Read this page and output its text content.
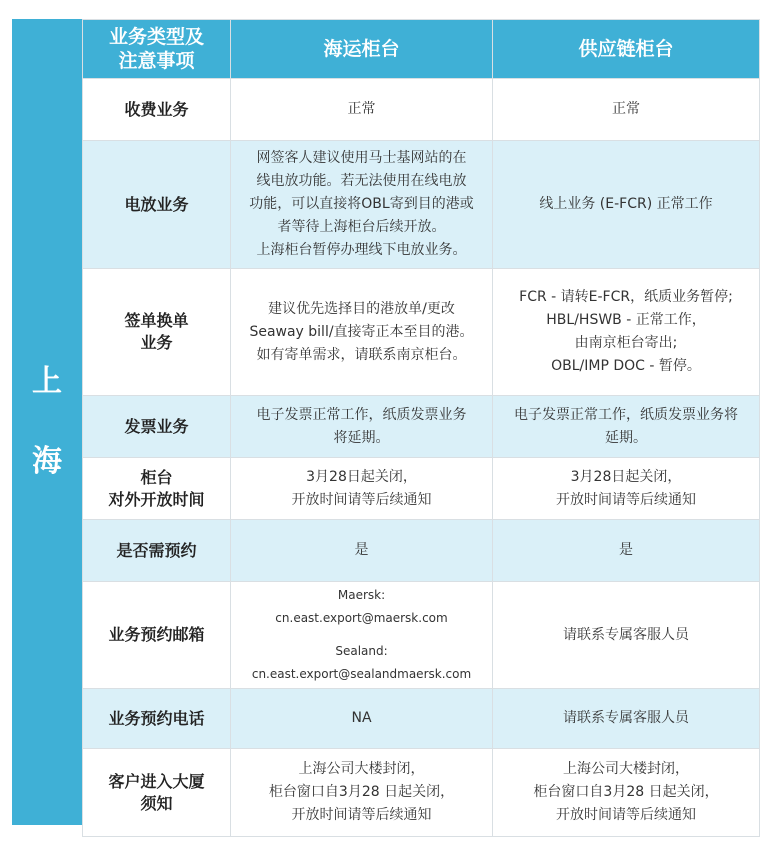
上
海
业务类型及
注意事项	海运柜台	供应链柜台
收费业务	正常	正常
电放业务	网签客人建议使用马士基网站的在
线电放功能。若无法使用在线电放
功能，可以直接将OBL寄到目的港或
者等待上海柜台后续开放。
上海柜台暂停办理线下电放业务。	线上业务 (E-FCR) 正常工作

签单换单
业务	建议优先选择目的港放单/更改
Seaway bill/直接寄正本至目的港。
如有寄单需求，请联系南京柜台。	FCR - 请转E-FCR，纸质业务暂停;
HBL/HSWB - 正常工作，
由南京柜台寄出;
OBL/IMP DOC - 暂停。

发票业务	电子发票正常工作，纸质发票业务
将延期。	电子发票正常工作，纸质发票业务将
延期。

柜台
对外开放时间	3月28日起关闭，
开放时间请等后续通知	3月28日起关闭，
开放时间请等后续通知

是否需预约	是	是
业务预约邮箱	Maersk:
cn.east.export@maersk.com
Sealand:
cn.east.export@sealandmaersk.com	请联系专属客服人员
业务预约电话	NA	请联系专属客服人员

客户进入大厦
须知	上海公司大楼封闭，
柜台窗口自3月28 日起关闭，
开放时间请等后续通知	上海公司大楼封闭，
柜台窗口自3月28 日起关闭，
开放时间请等后续通知
